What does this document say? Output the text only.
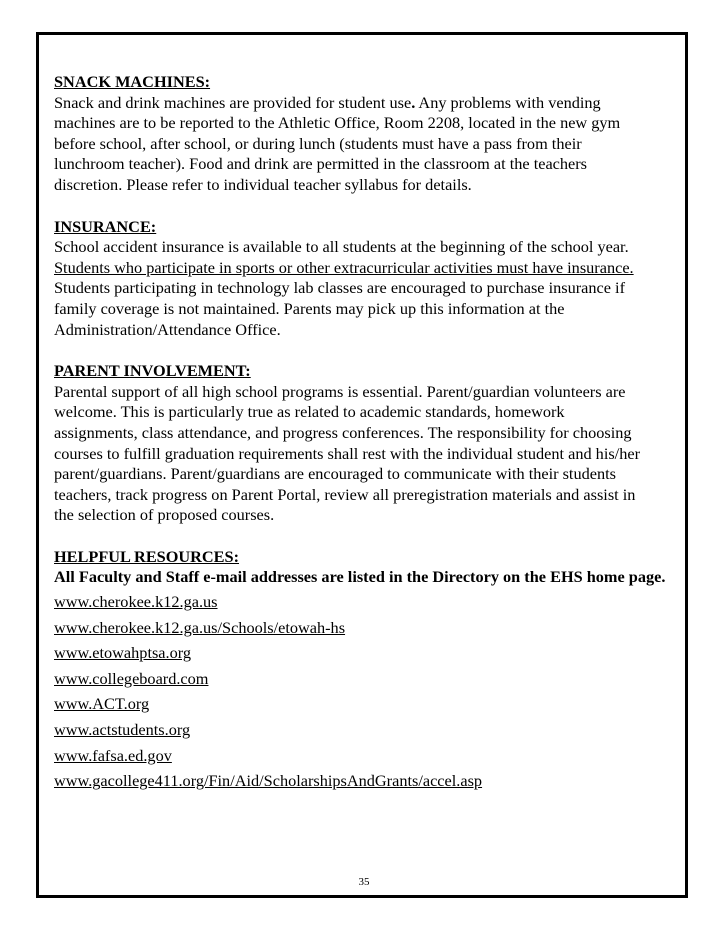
SNACK MACHINES:

Snack and drink machines are provided for student use. Any problems with vending
machines are to be reported to the Athletic Office, Room 2208, located in the new gym
before school, after school, or during lunch (students must have a pass from their
lunchroom teacher). Food and drink are permitted in the classroom at the teachers
discretion. Please refer to individual teacher syllabus for details.

INSURANCE:

School accident insurance is available to all students at the beginning of the school year.
Students who participate in sports or other extracurricular activities must have insurance.
Students participating in technology lab classes are encouraged to purchase insurance if
family coverage is not maintained. Parents may pick up this information at the
Administration/Attendance Office.

PARENT INVOLVEMENT:

Parental support of all high school programs is essential. Parent/guardian volunteers are
welcome. This is particularly true as related to academic standards, homework
assignments, class attendance, and progress conferences. The responsibility for choosing
courses to fulfill graduation requirements shall rest with the individual student and his/her
parent/guardians. Parent/guardians are encouraged to communicate with their students
teachers, track progress on Parent Portal, review all preregistration materials and assist in
the selection of proposed courses.

HELPFUL RESOURCES:

All Faculty and Staff e-mail addresses are listed in the Directory on the EHS home page.

www.cherokee.k12.ga.us
www.cherokee.k12.ga.us/Schools/etowah-hs
www.etowahptsa.org
www.collegeboard.com
www.ACT.org
www.actstudents.org
www.fafsa.ed.gov
www.gacollege411.org/Fin/Aid/ScholarshipsAndGrants/accel.asp
35
